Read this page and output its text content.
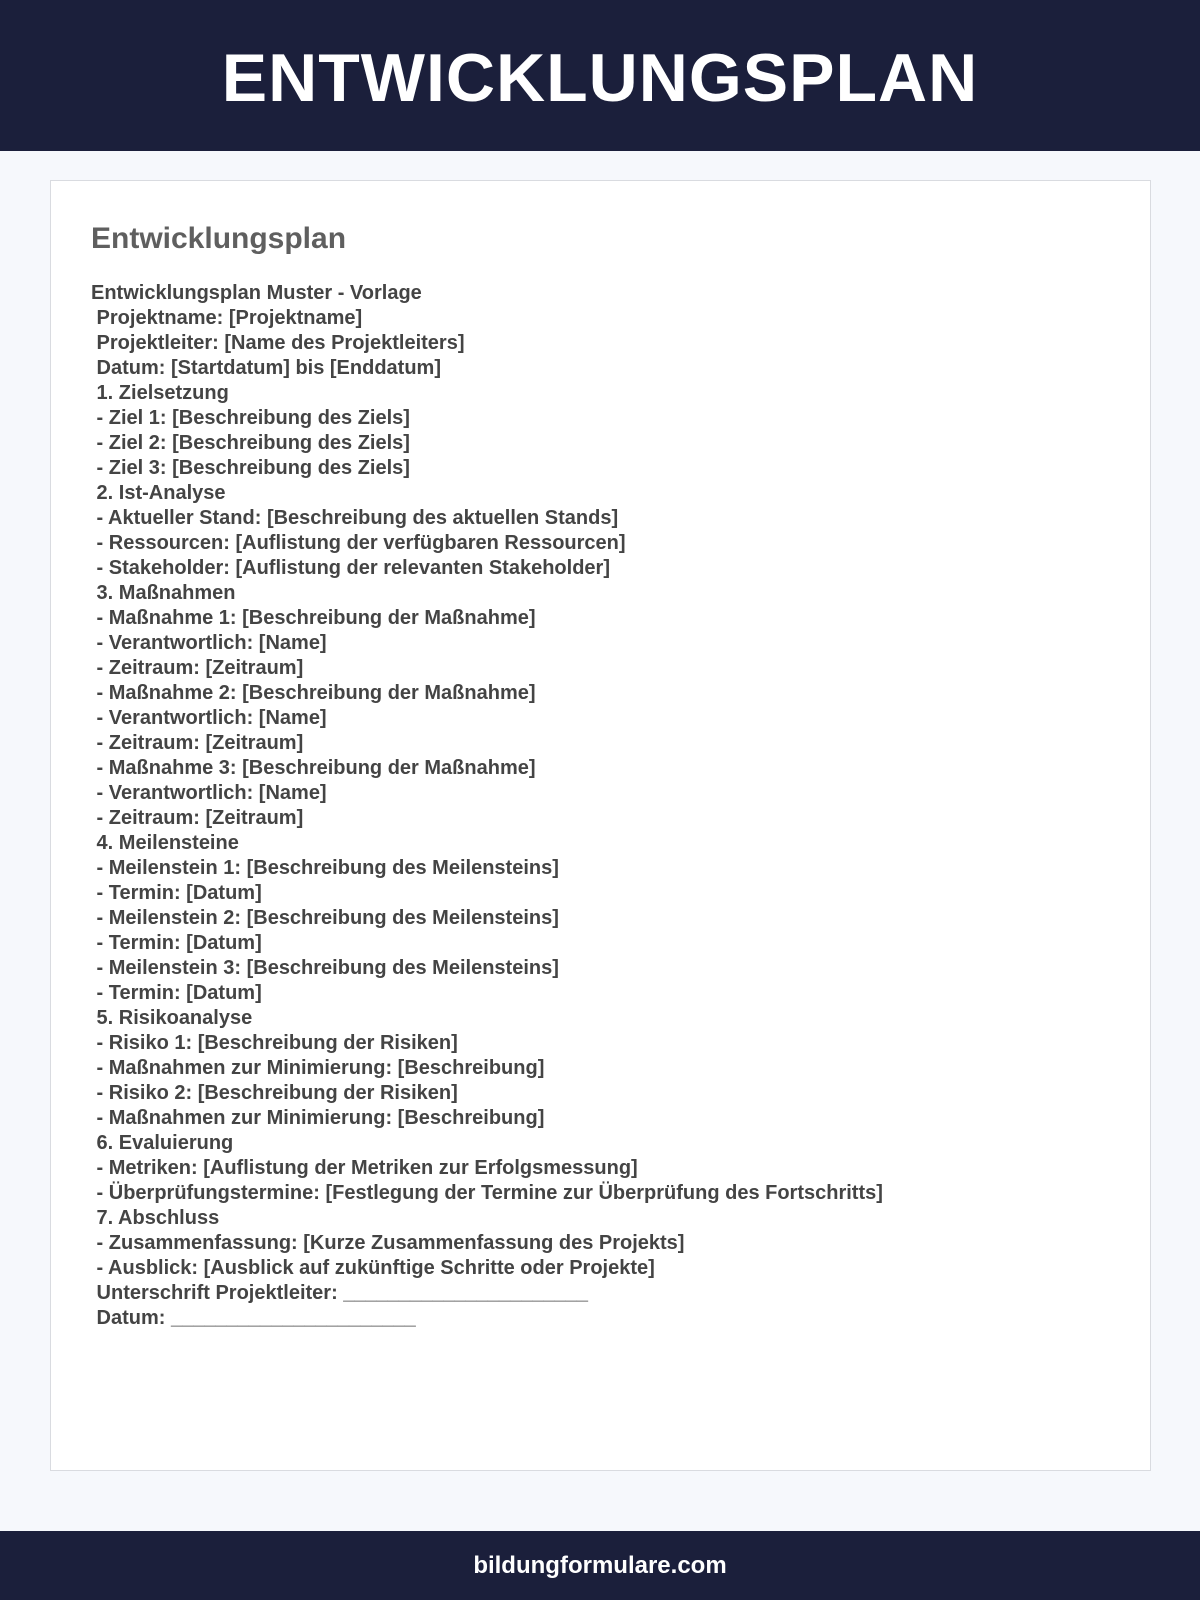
ENTWICKLUNGSPLAN
Entwicklungsplan
Entwicklungsplan Muster - Vorlage
Projektname: [Projektname]
Projektleiter: [Name des Projektleiters]
Datum: [Startdatum] bis [Enddatum]
1. Zielsetzung
- Ziel 1: [Beschreibung des Ziels]
- Ziel 2: [Beschreibung des Ziels]
- Ziel 3: [Beschreibung des Ziels]
2. Ist-Analyse
- Aktueller Stand: [Beschreibung des aktuellen Stands]
- Ressourcen: [Auflistung der verfügbaren Ressourcen]
- Stakeholder: [Auflistung der relevanten Stakeholder]
3. Maßnahmen
- Maßnahme 1: [Beschreibung der Maßnahme]
- Verantwortlich: [Name]
- Zeitraum: [Zeitraum]
- Maßnahme 2: [Beschreibung der Maßnahme]
- Verantwortlich: [Name]
- Zeitraum: [Zeitraum]
- Maßnahme 3: [Beschreibung der Maßnahme]
- Verantwortlich: [Name]
- Zeitraum: [Zeitraum]
4. Meilensteine
- Meilenstein 1: [Beschreibung des Meilensteins]
- Termin: [Datum]
- Meilenstein 2: [Beschreibung des Meilensteins]
- Termin: [Datum]
- Meilenstein 3: [Beschreibung des Meilensteins]
- Termin: [Datum]
5. Risikoanalyse
- Risiko 1: [Beschreibung der Risiken]
- Maßnahmen zur Minimierung: [Beschreibung]
- Risiko 2: [Beschreibung der Risiken]
- Maßnahmen zur Minimierung: [Beschreibung]
6. Evaluierung
- Metriken: [Auflistung der Metriken zur Erfolgsmessung]
- Überprüfungstermine: [Festlegung der Termine zur Überprüfung des Fortschritts]
7. Abschluss
- Zusammenfassung: [Kurze Zusammenfassung des Projekts]
- Ausblick: [Ausblick auf zukünftige Schritte oder Projekte]
Unterschrift Projektleiter: ______________________
Datum: ______________________
bildungformulare.com
